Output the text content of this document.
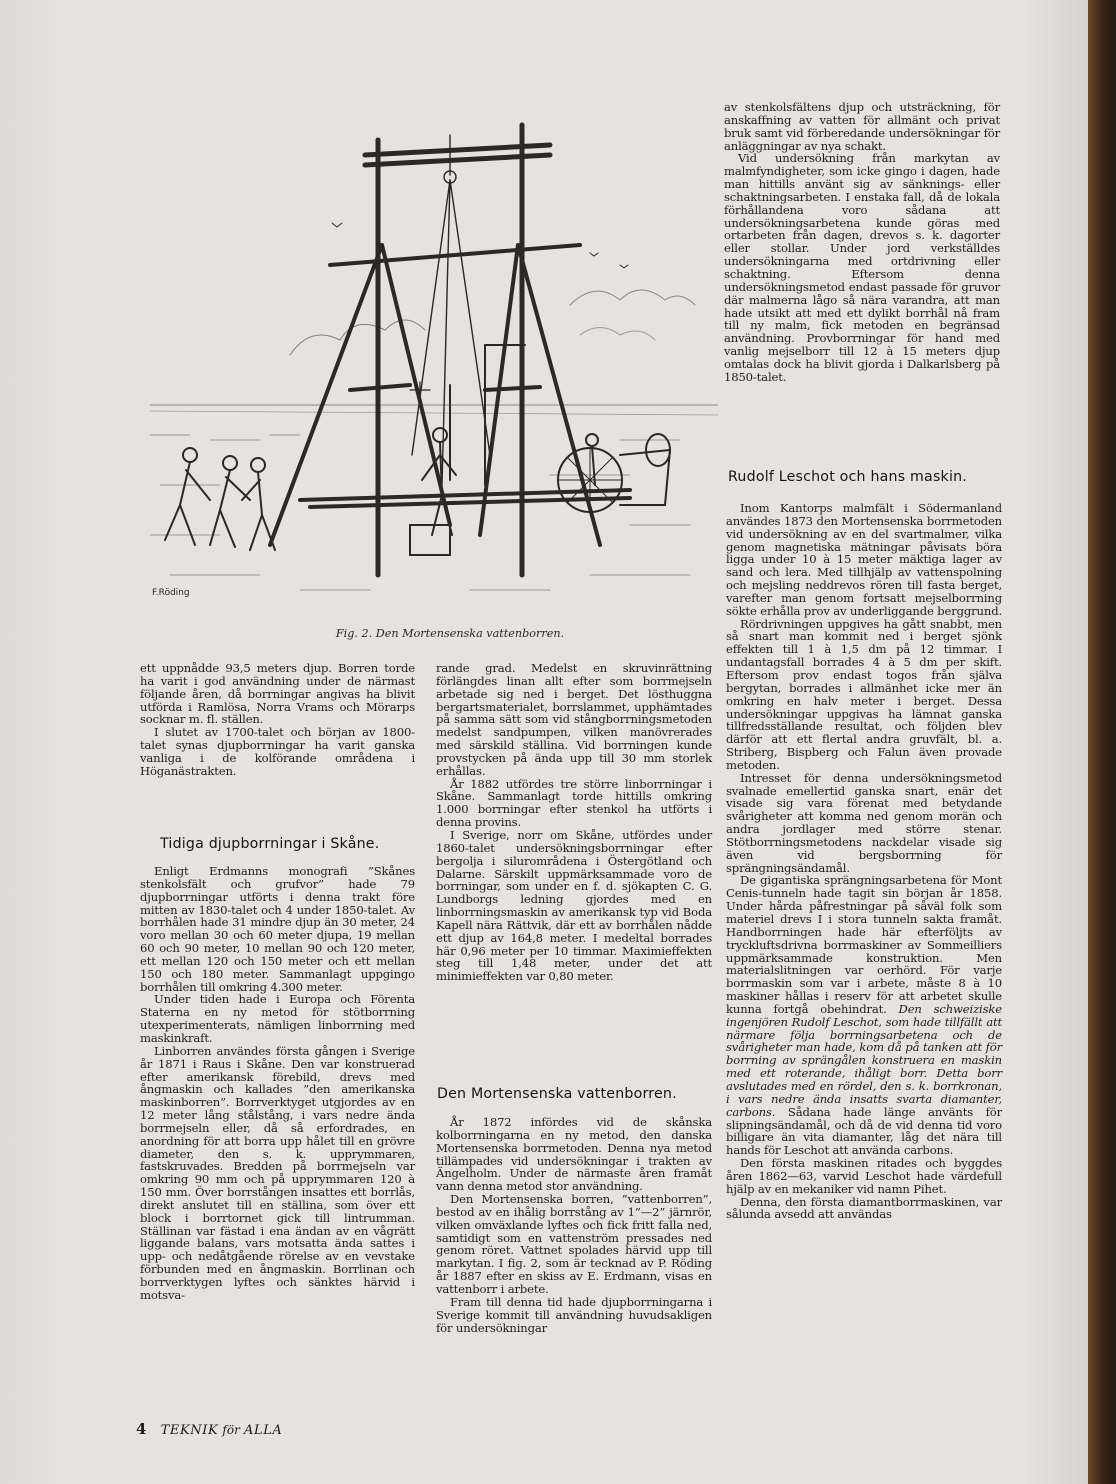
F.Röding
Fig. 2. Den Mortensenska vattenborren.

av stenkolsfältens djup och utsträckning, för anskaffning av vatten för allmänt och privat bruk samt vid förberedande undersökningar för anläggningar av nya schakt.

Vid undersökning från markytan av malmfyndigheter, som icke gingo i dagen, hade man hittills använt sig av sänknings- eller schaktningsarbeten. I enstaka fall, då de lokala förhållandena voro sådana att undersökningsarbetena kunde göras med ortarbeten från dagen, drevos s. k. dagorter eller stollar. Under jord verkställdes undersökningarna med ortdrivning eller schaktning. Eftersom denna undersökningsmetod endast passade för gruvor där malmerna lågo så nära varandra, att man hade utsikt att med ett dylikt borrhål nå fram till ny malm, fick metoden en begränsad användning. Provborrningar för hand med vanlig mejselborr till 12 à 15 meters djup omtalas dock ha blivit gjorda i Dalkarlsberg på 1850-talet.

Rudolf Leschot och hans maskin.

Inom Kantorps malmfält i Södermanland användes 1873 den Mortensenska borrmetoden vid undersökning av en del svartmalmer, vilka genom magnetiska mätningar påvisats böra ligga under 10 à 15 meter mäktiga lager av sand och lera. Med tillhjälp av vattenspolning och mejsling neddrevos rören till fasta berget, varefter man genom fortsatt mejselborrning sökte erhålla prov av underliggande berggrund.

Rördrivningen uppgives ha gått snabbt, men så snart man kommit ned i berget sjönk effekten till 1 à 1,5 dm på 12 timmar. I undantagsfall borrades 4 à 5 dm per skift. Eftersom prov endast togos från själva bergytan, borrades i allmänhet icke mer än omkring en halv meter i berget. Dessa undersökningar uppgivas ha lämnat ganska tillfredsställande resultat, och följden blev därför att ett flertal andra gruvfält, bl. a. Striberg, Bispberg och Falun även provade metoden.

Intresset för denna undersökningsmetod svalnade emellertid ganska snart, enär det visade sig vara förenat med betydande svårigheter att komma ned genom morän och andra jordlager med större stenar. Stötborrningsmetodens nackdelar visade sig även vid bergsborrning för sprängningsändamål.

De gigantiska sprängningsarbetena för Mont Cenis-tunneln hade tagit sin början år 1858. Under hårda påfrestningar på såväl folk som materiel drevs I i stora tunneln sakta framåt. Handborrningen hade här efterföljts av tryckluftsdrivna borrmaskiner av Sommeilliers uppmärksammade konstruktion. Men materialslitningen var oerhörd. För varje borrmaskin som var i arbete, måste 8 à 10 maskiner hållas i reserv för att arbetet skulle kunna fortgå obehindrat. Den schweiziske ingenjören Rudolf Leschot, som hade tillfällt att närmare följa borrningsarbetena och de svårigheter man hade, kom då på tanken att för borrning av sprängålen konstruera en maskin med ett roterande, ihåligt borr. Detta borr avslutades med en rördel, den s. k. borrkronan, i vars nedre ända insatts svarta diamanter, carbons. Sådana hade länge använts för slipningsändamål, och då de vid denna tid voro billigare än vita diamanter, låg det nära till hands för Leschot att använda carbons.

Den första maskinen ritades och byggdes åren 1862—63, varvid Leschot hade värdefull hjälp av en mekaniker vid namn Pihet.

Denna, den första diamantborrmaskinen, var sålunda avsedd att användas

ett uppnådde 93,5 meters djup. Borren torde ha varit i god användning under de närmast följande åren, då borrningar angivas ha blivit utförda i Ramlösa, Norra Vrams och Mörarps socknar m. fl. ställen.

I slutet av 1700-talet och början av 1800-talet synas djupborrningar ha varit ganska vanliga i de kolförande områdena i Höganästrakten.

Tidiga djupborrningar i Skåne.

Enligt Erdmanns monografi ”Skånes stenkolsfält och grufvor” hade 79 djupborrningar utförts i denna trakt före mitten av 1830-talet och 4 under 1850-talet. Av borrhålen hade 31 mindre djup än 30 meter, 24 voro mellan 30 och 60 meter djupa, 19 mellan 60 och 90 meter, 10 mellan 90 och 120 meter, ett mellan 120 och 150 meter och ett mellan 150 och 180 meter. Sammanlagt uppgingo borrhålen till omkring 4.300 meter.

Under tiden hade i Europa och Förenta Staterna en ny metod för stötborrning utexperimenterats, nämligen linborrning med maskinkraft.

Linborren användes första gången i Sverige år 1871 i Raus i Skåne. Den var konstruerad efter amerikansk förebild, drevs med ångmaskin och kallades ”den amerikanska maskinborren”. Borrverktyget utgjordes av en 12 meter lång stålstång, i vars nedre ända borrmejseln eller, då så erfordrades, en anordning för att borra upp hålet till en grövre diameter, den s. k. upprymmaren, fastskruvades. Bredden på borrmejseln var omkring 90 mm och på upprymmaren 120 à 150 mm. Över borrstången insattes ett borrlås, direkt anslutet till en ställina, som över ett block i borrtornet gick till lintrumman. Ställinan var fästad i ena ändan av en vågrätt liggande balans, vars motsatta ända sattes i upp- och nedåtgående rörelse av en vevstake förbunden med en ångmaskin. Borrlinan och borrverktygen lyftes och sänktes härvid i motsva-

rande grad. Medelst en skruvinrättning förlängdes linan allt efter som borrmejseln arbetade sig ned i berget. Det lösthuggna bergartsmaterialet, borrslammet, upphämtades på samma sätt som vid stångborrningsmetoden medelst sandpumpen, vilken manövrerades med särskild ställina. Vid borrningen kunde provstycken på ända upp till 30 mm storlek erhållas.

År 1882 utfördes tre större linborrningar i Skåne. Sammanlagt torde hittills omkring 1.000 borrningar efter stenkol ha utförts i denna provins.

I Sverige, norr om Skåne, utfördes under 1860-talet undersökningsborrningar efter bergolja i silurområdena i Östergötland och Dalarne. Särskilt uppmärksammade voro de borrningar, som under en f. d. sjökapten C. G. Lundborgs ledning gjordes med en linborrningsmaskin av amerikansk typ vid Boda Kapell nära Rättvik, där ett av borrhålen nådde ett djup av 164,8 meter. I medeltal borrades här 0,96 meter per 10 timmar. Maximieffekten steg till 1,48 meter, under det att minimieffekten var 0,80 meter.

Den Mortensenska vattenborren.

År 1872 infördes vid de skånska kolborrningarna en ny metod, den danska Mortensenska borrmetoden. Denna nya metod tillämpades vid undersökningar i trakten av Ängelholm. Under de närmaste åren framåt vann denna metod stor användning.

Den Mortensenska borren, ”vattenborren”, bestod av en ihålig borrstång av 1”—2” järnrör, vilken omväxlande lyftes och fick fritt falla ned, samtidigt som en vattenström pressades ned genom röret. Vattnet spolades härvid upp till markytan. I fig. 2, som är tecknad av P. Röding år 1887 efter en skiss av E. Erdmann, visas en vattenborr i arbete.

Fram till denna tid hade djupborrningarna i Sverige kommit till användning huvudsakligen för undersökningar

4 TEKNIK för ALLA
